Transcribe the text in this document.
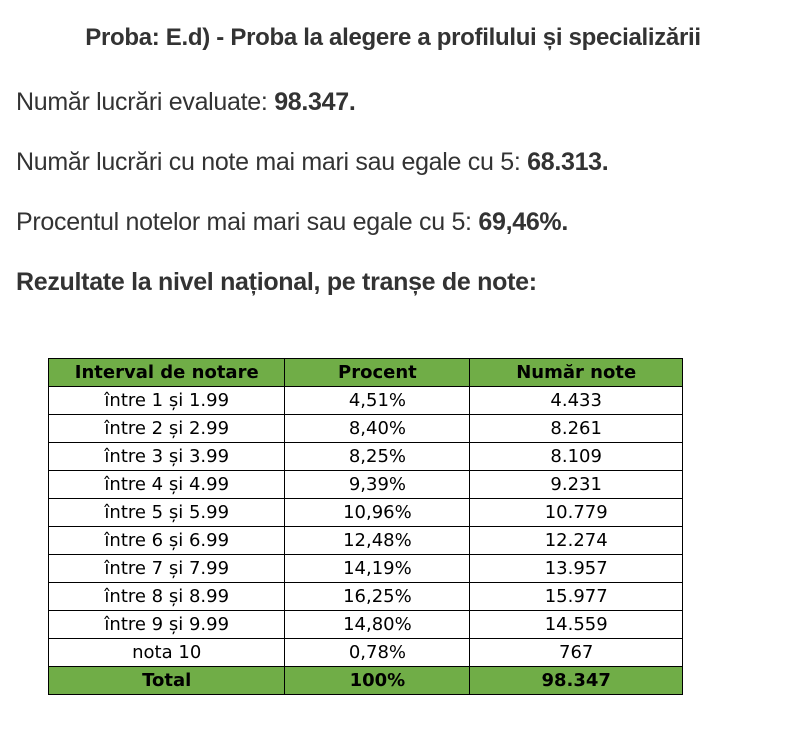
Proba: E.d) - Proba la alegere a profilului și specializării
Număr lucrări evaluate: 98.347.
Număr lucrări cu note mai mari sau egale cu 5: 68.313.
Procentul notelor mai mari sau egale cu 5: 69,46%.
Rezultate la nivel național, pe tranșe de note:
Interval de notare	Procent	Număr note
între 1 și 1.99	4,51%	4.433
între 2 și 2.99	8,40%	8.261
între 3 și 3.99	8,25%	8.109
între 4 și 4.99	9,39%	9.231
între 5 și 5.99	10,96%	10.779
între 6 și 6.99	12,48%	12.274
între 7 și 7.99	14,19%	13.957
între 8 și 8.99	16,25%	15.977
între 9 și 9.99	14,80%	14.559
nota 10	0,78%	767
Total	100%	98.347
